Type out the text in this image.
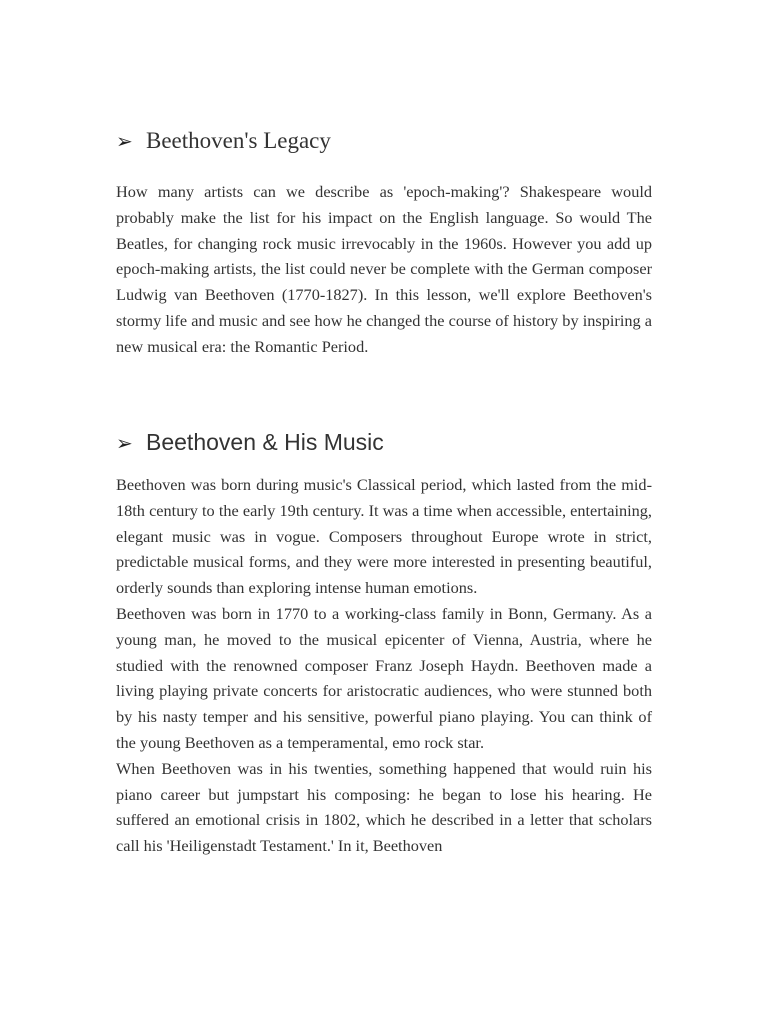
➢ Beethoven's Legacy

How many artists can we describe as 'epoch-making'? Shakespeare would probably make the list for his impact on the English language. So would The Beatles, for changing rock music irrevocably in the 1960s. However you add up epoch-making artists, the list could never be complete with the German composer Ludwig van Beethoven (1770-1827). In this lesson, we'll explore Beethoven's stormy life and music and see how he changed the course of history by inspiring a new musical era: the Romantic Period.

➢ Beethoven & His Music

Beethoven was born during music's Classical period, which lasted from the mid-18th century to the early 19th century. It was a time when accessible, entertaining, elegant music was in vogue. Composers throughout Europe wrote in strict, predictable musical forms, and they were more interested in presenting beautiful, orderly sounds than exploring intense human emotions.

Beethoven was born in 1770 to a working-class family in Bonn, Germany. As a young man, he moved to the musical epicenter of Vienna, Austria, where he studied with the renowned composer Franz Joseph Haydn. Beethoven made a living playing private concerts for aristocratic audiences, who were stunned both by his nasty temper and his sensitive, powerful piano playing. You can think of the young Beethoven as a temperamental, emo rock star.

When Beethoven was in his twenties, something happened that would ruin his piano career but jumpstart his composing: he began to lose his hearing. He suffered an emotional crisis in 1802, which he described in a letter that scholars call his 'Heiligenstadt Testament.' In it, Beethoven
